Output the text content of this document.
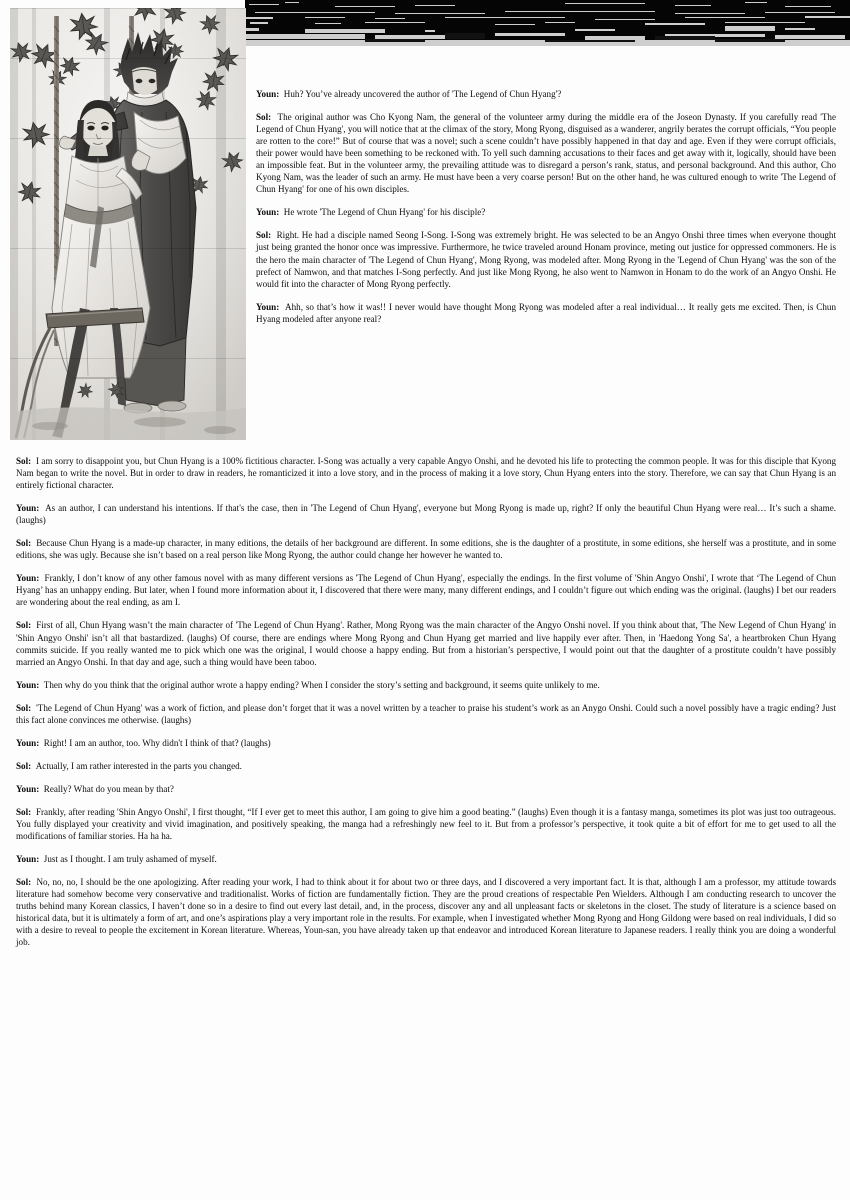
Youn: Huh? You’ve already uncovered the author of 'The Legend of Chun Hyang'?

Sol: The original author was Cho Kyong Nam, the general of the volunteer army during the middle era of the Joseon Dynasty. If you carefully read 'The Legend of Chun Hyang', you will notice that at the climax of the story, Mong Ryong, disguised as a wanderer, angrily berates the corrupt officials, “You people are rotten to the core!” But of course that was a novel; such a scene couldn’t have possibly happened in that day and age. Even if they were corrupt officials, their power would have been something to be reckoned with. To yell such damning accusations to their faces and get away with it, logically, should have been an impossible feat. But in the volunteer army, the prevailing attitude was to disregard a person’s rank, status, and personal background. And this author, Cho Kyong Nam, was the leader of such an army. He must have been a very coarse person! But on the other hand, he was cultured enough to write 'The Legend of Chun Hyang' for one of his own disciples.

Youn: He wrote 'The Legend of Chun Hyang' for his disciple?

Sol: Right. He had a disciple named Seong I-Song. I-Song was extremely bright. He was selected to be an Angyo Onshi three times when everyone thought just being granted the honor once was impressive. Furthermore, he twice traveled around Honam province, meting out justice for oppressed commoners. He is the hero the main character of 'The Legend of Chun Hyang', Mong Ryong, was modeled after. Mong Ryong in the 'Legend of Chun Hyang' was the son of the prefect of Namwon, and that matches I-Song perfectly. And just like Mong Ryong, he also went to Namwon in Honam to do the work of an Angyo Onshi. He would fit into the character of Mong Ryong perfectly.

Youn: Ahh, so that’s how it was!! I never would have thought Mong Ryong was modeled after a real individual… It really gets me excited. Then, is Chun Hyang modeled after anyone real?

Sol: I am sorry to disappoint you, but Chun Hyang is a 100% fictitious character. I-Song was actually a very capable Angyo Onshi, and he devoted his life to protecting the common people. It was for this disciple that Kyong Nam began to write the novel. But in order to draw in readers, he romanticized it into a love story, and in the process of making it a love story, Chun Hyang enters into the story. Therefore, we can say that Chun Hyang is an entirely fictional character.

Youn: As an author, I can understand his intentions. If that's the case, then in 'The Legend of Chun Hyang', everyone but Mong Ryong is made up, right? If only the beautiful Chun Hyang were real… It’s such a shame. (laughs)

Sol: Because Chun Hyang is a made-up character, in many editions, the details of her background are different. In some editions, she is the daughter of a prostitute, in some editions, she herself was a prostitute, and in some editions, she was ugly. Because she isn’t based on a real person like Mong Ryong, the author could change her however he wanted to.

Youn: Frankly, I don’t know of any other famous novel with as many different versions as 'The Legend of Chun Hyang', especially the endings. In the first volume of 'Shin Angyo Onshi', I wrote that ‘The Legend of Chun Hyang’ has an unhappy ending. But later, when I found more information about it, I discovered that there were many, many different endings, and I couldn’t figure out which ending was the original. (laughs) I bet our readers are wondering about the real ending, as am I.

Sol: First of all, Chun Hyang wasn’t the main character of 'The Legend of Chun Hyang'. Rather, Mong Ryong was the main character of the Angyo Onshi novel. If you think about that, 'The New Legend of Chun Hyang' in 'Shin Angyo Onshi' isn’t all that bastardized. (laughs) Of course, there are endings where Mong Ryong and Chun Hyang get married and live happily ever after. Then, in 'Haedong Yong Sa', a heartbroken Chun Hyang commits suicide. If you really wanted me to pick which one was the original, I would choose a happy ending. But from a historian’s perspective, I would point out that the daughter of a prostitute couldn’t have possibly married an Angyo Onshi. In that day and age, such a thing would have been taboo.

Youn: Then why do you think that the original author wrote a happy ending? When I consider the story’s setting and background, it seems quite unlikely to me.

Sol: 'The Legend of Chun Hyang' was a work of fiction, and please don’t forget that it was a novel written by a teacher to praise his student’s work as an Anygo Onshi. Could such a novel possibly have a tragic ending? Just this fact alone convinces me otherwise. (laughs)

Youn: Right! I am an author, too. Why didn't I think of that? (laughs)

Sol: Actually, I am rather interested in the parts you changed.

Youn: Really? What do you mean by that?

Sol: Frankly, after reading 'Shin Angyo Onshi', I first thought, “If I ever get to meet this author, I am going to give him a good beating.” (laughs) Even though it is a fantasy manga, sometimes its plot was just too outrageous. You fully displayed your creativity and vivid imagination, and positively speaking, the manga had a refreshingly new feel to it. But from a professor’s perspective, it took quite a bit of effort for me to get used to all the modifications of familiar stories. Ha ha ha.

Youn: Just as I thought. I am truly ashamed of myself.

Sol: No, no, no, I should be the one apologizing. After reading your work, I had to think about it for about two or three days, and I discovered a very important fact. It is that, although I am a professor, my attitude towards literature had somehow become very conservative and traditionalist. Works of fiction are fundamentally fiction. They are the proud creations of respectable Pen Wielders. Although I am conducting research to uncover the truths behind many Korean classics, I haven’t done so in a desire to find out every last detail, and, in the process, discover any and all unpleasant facts or skeletons in the closet. The study of literature is a science based on historical data, but it is ultimately a form of art, and one’s aspirations play a very important role in the results. For example, when I investigated whether Mong Ryong and Hong Gildong were based on real individuals, I did so with a desire to reveal to people the excitement in Korean literature. Whereas, Youn-san, you have already taken up that endeavor and introduced Korean literature to Japanese readers. I really think you are doing a wonderful job.
